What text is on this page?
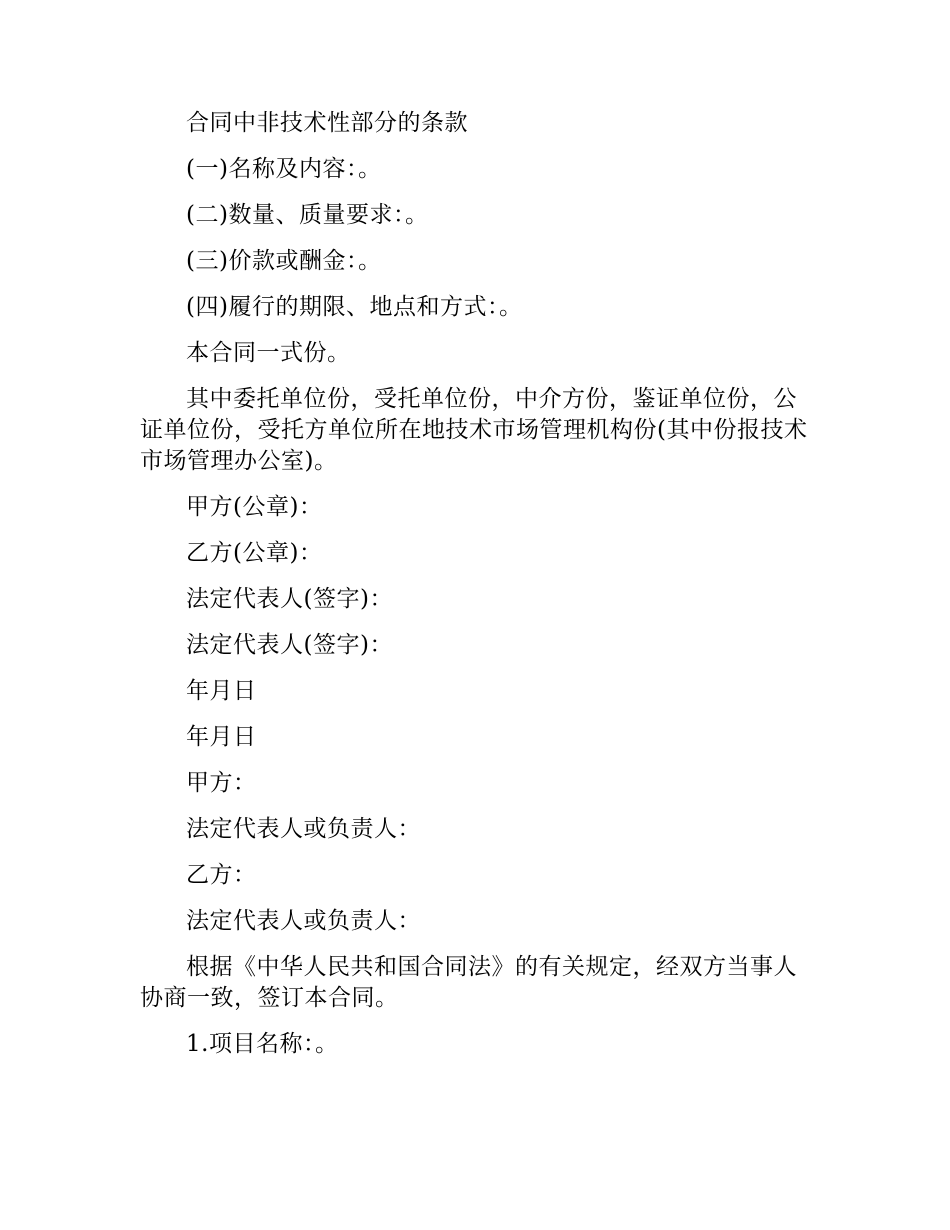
合同中非技术性部分的条款

(一)名称及内容：。

(二)数量、质量要求：。

(三)价款或酬金：。

(四)履行的期限、地点和方式：。

本合同一式份。

其中委托单位份，受托单位份，中介方份，鉴证单位份，公证单位份，受托方单位所在地技术市场管理机构份(其中份报技术市场管理办公室)。

甲方(公章)：

乙方(公章)：

法定代表人(签字)：

法定代表人(签字)：

年月日

年月日

甲方：

法定代表人或负责人：

乙方：

法定代表人或负责人：

根据《中华人民共和国合同法》的有关规定，经双方当事人协商一致，签订本合同。

1.项目名称：。
